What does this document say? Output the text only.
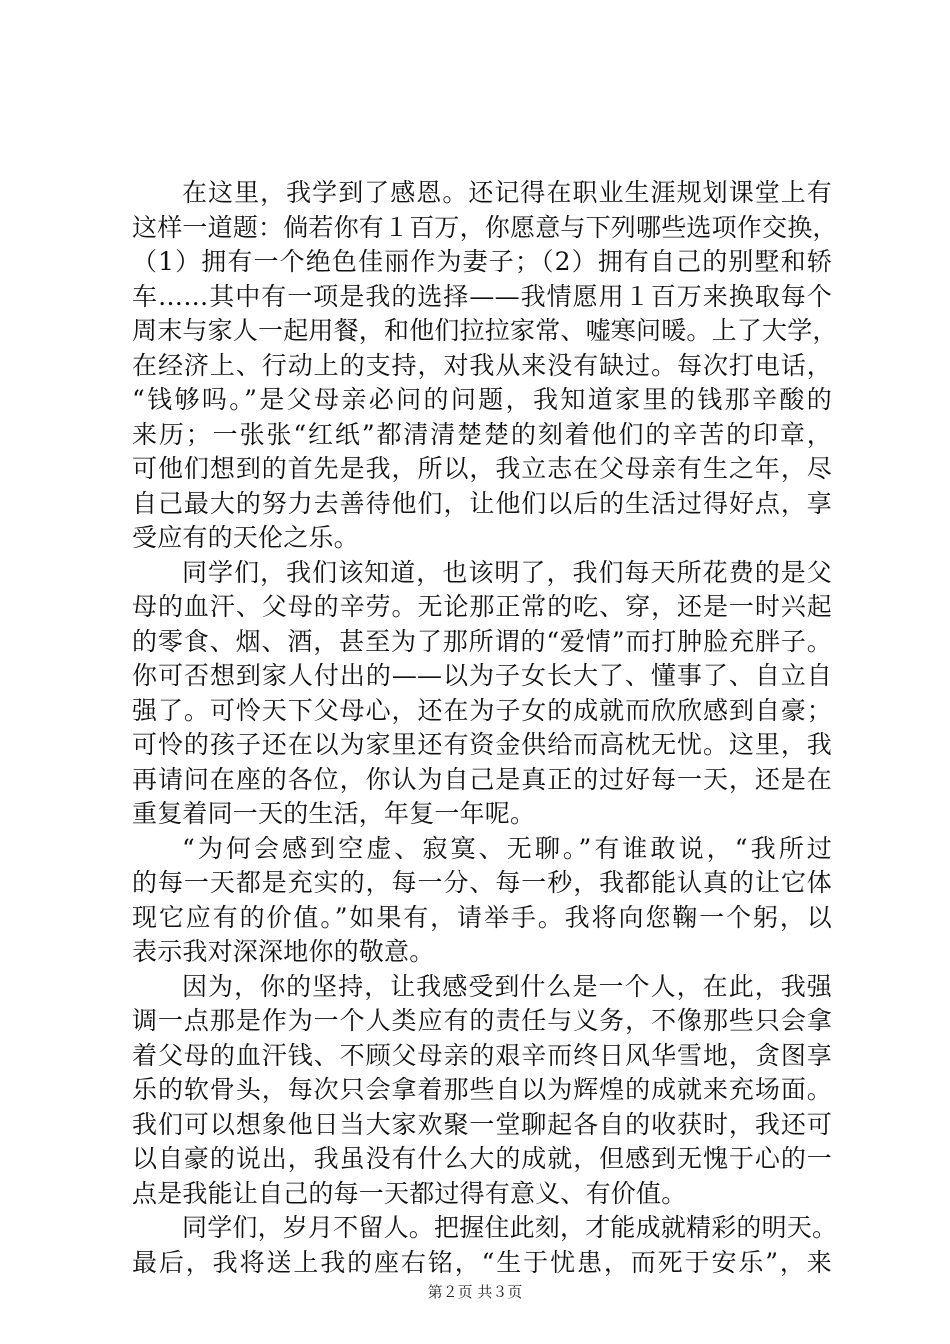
在这里，我学到了感恩。还记得在职业生涯规划课堂上有
这样一道题：倘若你有１百万，你愿意与下列哪些选项作交换，
（1）拥有一个绝色佳丽作为妻子；（2）拥有自己的别墅和轿
车……其中有一项是我的选择——我情愿用１百万来换取每个
周末与家人一起用餐，和他们拉拉家常、嘘寒问暖。上了大学，
在经济上、行动上的支持，对我从来没有缺过。每次打电话，
“钱够吗。”是父母亲必问的问题，我知道家里的钱那辛酸的
来历；一张张“红纸”都清清楚楚的刻着他们的辛苦的印章，
可他们想到的首先是我，所以，我立志在父母亲有生之年，尽
自己最大的努力去善待他们，让他们以后的生活过得好点，享
受应有的天伦之乐。
同学们，我们该知道，也该明了，我们每天所花费的是父
母的血汗、父母的辛劳。无论那正常的吃、穿，还是一时兴起
的零食、烟、酒，甚至为了那所谓的“爱情”而打肿脸充胖子。
你可否想到家人付出的——以为子女长大了、懂事了、自立自
强了。可怜天下父母心，还在为子女的成就而欣欣感到自豪；
可怜的孩子还在以为家里还有资金供给而高枕无忧。这里，我
再请问在座的各位，你认为自己是真正的过好每一天，还是在
重复着同一天的生活，年复一年呢。
“为何会感到空虚、寂寞、无聊。”有谁敢说，“我所过
的每一天都是充实的，每一分、每一秒，我都能认真的让它体
现它应有的价值。”如果有，请举手。我将向您鞠一个躬，以
表示我对深深地你的敬意。
因为，你的坚持，让我感受到什么是一个人，在此，我强
调一点那是作为一个人类应有的责任与义务，不像那些只会拿
着父母的血汗钱、不顾父母亲的艰辛而终日风华雪地，贪图享
乐的软骨头，每次只会拿着那些自以为辉煌的成就来充场面。
我们可以想象他日当大家欢聚一堂聊起各自的收获时，我还可
以自豪的说出，我虽没有什么大的成就，但感到无愧于心的一
点是我能让自己的每一天都过得有意义、有价值。
同学们，岁月不留人。把握住此刻，才能成就精彩的明天。
最后，我将送上我的座右铭，“生于忧患，而死于安乐”，来
第２页 共３页
